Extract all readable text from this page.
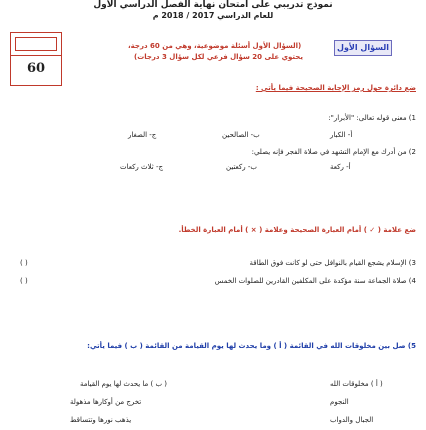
نموذج تدريبي على امتحان نهاية الفصل الدراسي الأول
للعام الدراسي 2017 / 2018 م
60
السؤال الأول
(السؤال الأول أسئلة موضوعية، وهي من 60 درجة،
يحتوي على 20 سؤال فرعي لكل سؤال 3 درجات)
ضع دائرة حول رمز الإجابة الصحيحة فيما يأتي :
1) معنى قوله تعالى: "الأبرار":
أ- الكبار
ب- الصالحين
ج- الصغار
2) من أدرك مع الإمام التشهد في صلاة الفجر فإنه يصلي:
أ- ركعة
ب- ركعتين
ج- ثلاث ركعات
ضع علامة ( ✓ ) أمام العبارة الصحيحة وعلامة ( × ) أمام العبارة الخطأ.
3) الإسلام يشجع القيام بالنوافل حتى لو كانت فوق الطاقة
( )
4) صلاة الجماعة سنة مؤكدة على المكلفين القادرين للصلوات الخمس
( )
5) صل بين مخلوقات الله في القائمة ( أ ) وما يحدث لها يوم القيامة من القائمة ( ب ) فيما يأتي:
( أ ) مخلوقات الله
( ب ) ما يحدث لها يوم القيامة
النجوم
تخرج من أوكارها مذهولة
الجبال والدواب
يذهب نورها وتتساقط
